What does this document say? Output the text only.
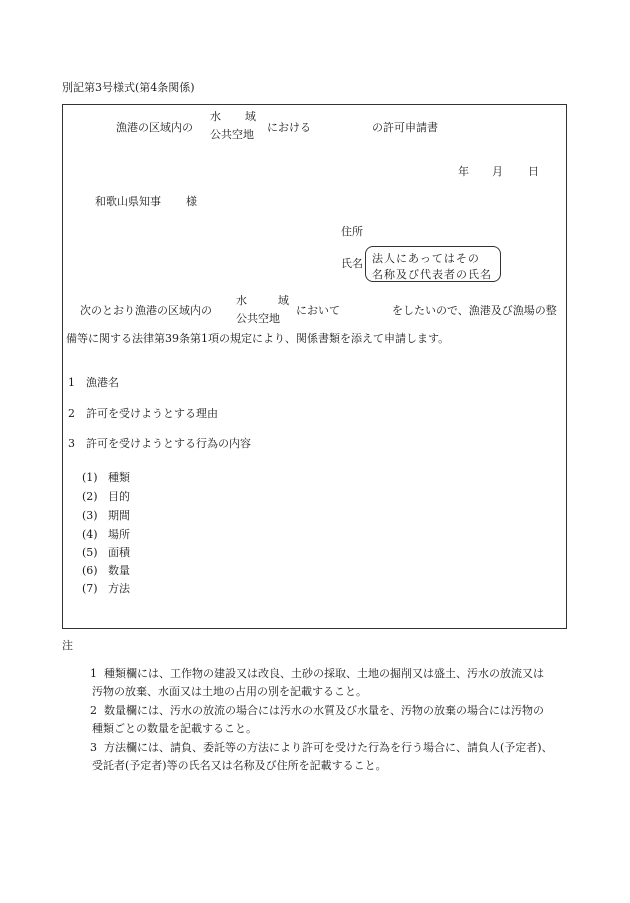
別記第3号様式(第4条関係)
漁港の区域内の
水 域
公共空地
における	の許可申請書
年 月 日
和歌山県知事 様
住所
氏名 法人にあってはその
名称及び代表者の氏名
次のとおり漁港の区域内の
水	域
公共空地
において	をしたいので、漁港及び漁場の整
備等に関する法律第39条第1項の規定により、関係書類を添えて申請します。
1 漁港名
2 許可を受けようとする理由
3 許可を受けようとする行為の内容
(1) 種類
(2) 目的
(3) 期間
(4) 場所
(5) 面積
(6) 数量
(7) 方法
注
1 種類欄には、工作物の建設又は改良、土砂の採取、土地の掘削又は盛土、汚水の放流又は
汚物の放棄、水面又は土地の占用の別を記載すること。
2 数量欄には、汚水の放流の場合には汚水の水質及び水量を、汚物の放棄の場合には汚物の
種類ごとの数量を記載すること。
3 方法欄には、請負、委託等の方法により許可を受けた行為を行う場合に、請負人(予定者)、
受託者(予定者)等の氏名又は名称及び住所を記載すること。
